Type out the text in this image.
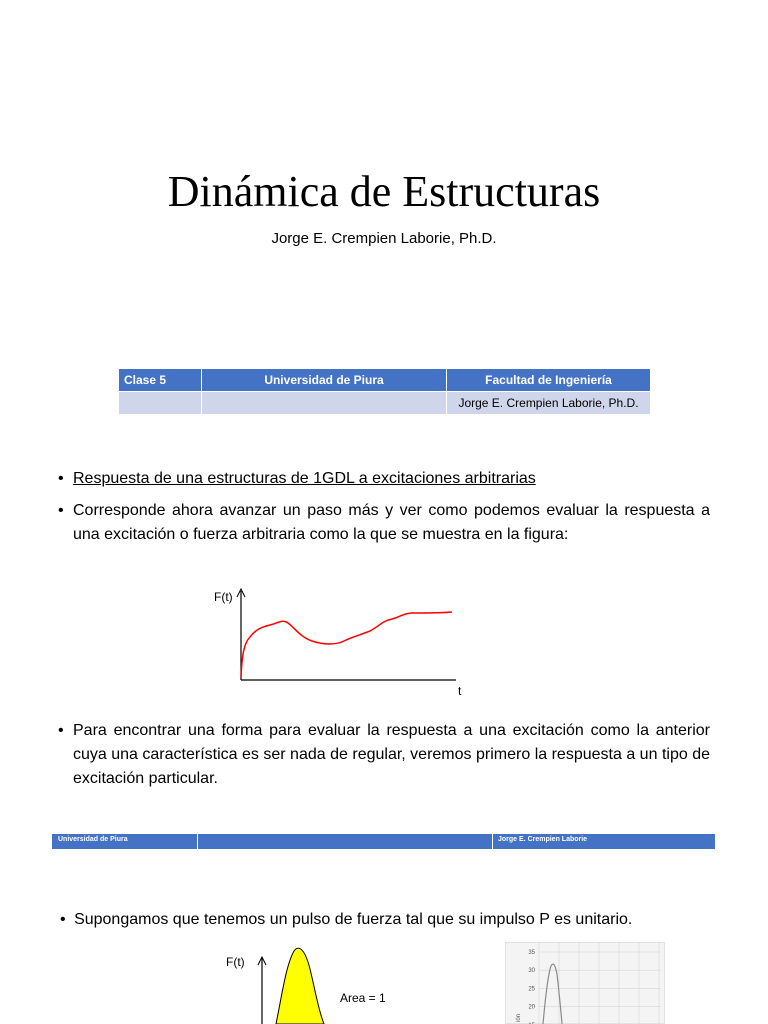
Dinámica de Estructuras
Jorge E. Crempien Laborie, Ph.D.
Clase 5	Universidad de Piura	Facultad de Ingeniería
		Jorge E. Crempien Laborie, Ph.D.
• Respuesta de una estructuras de 1GDL a excitaciones arbitrarias
• Corresponde ahora avanzar un paso más y ver como podemos evaluar la respuesta a una excitación o fuerza arbitraria como la que se muestra en la figura:
F(t)
t
• Para encontrar una forma para evaluar la respuesta a una excitación como la anterior cuya una característica es ser nada de regular, veremos primero la respuesta a un tipo de excitación particular.
Universidad de Piura	Jorge E. Crempien Laborie
• Supongamos que tenemos un pulso de fuerza tal que su impulso P es unitario.
F(t)
Area = 1
35
30
25
20
ión
